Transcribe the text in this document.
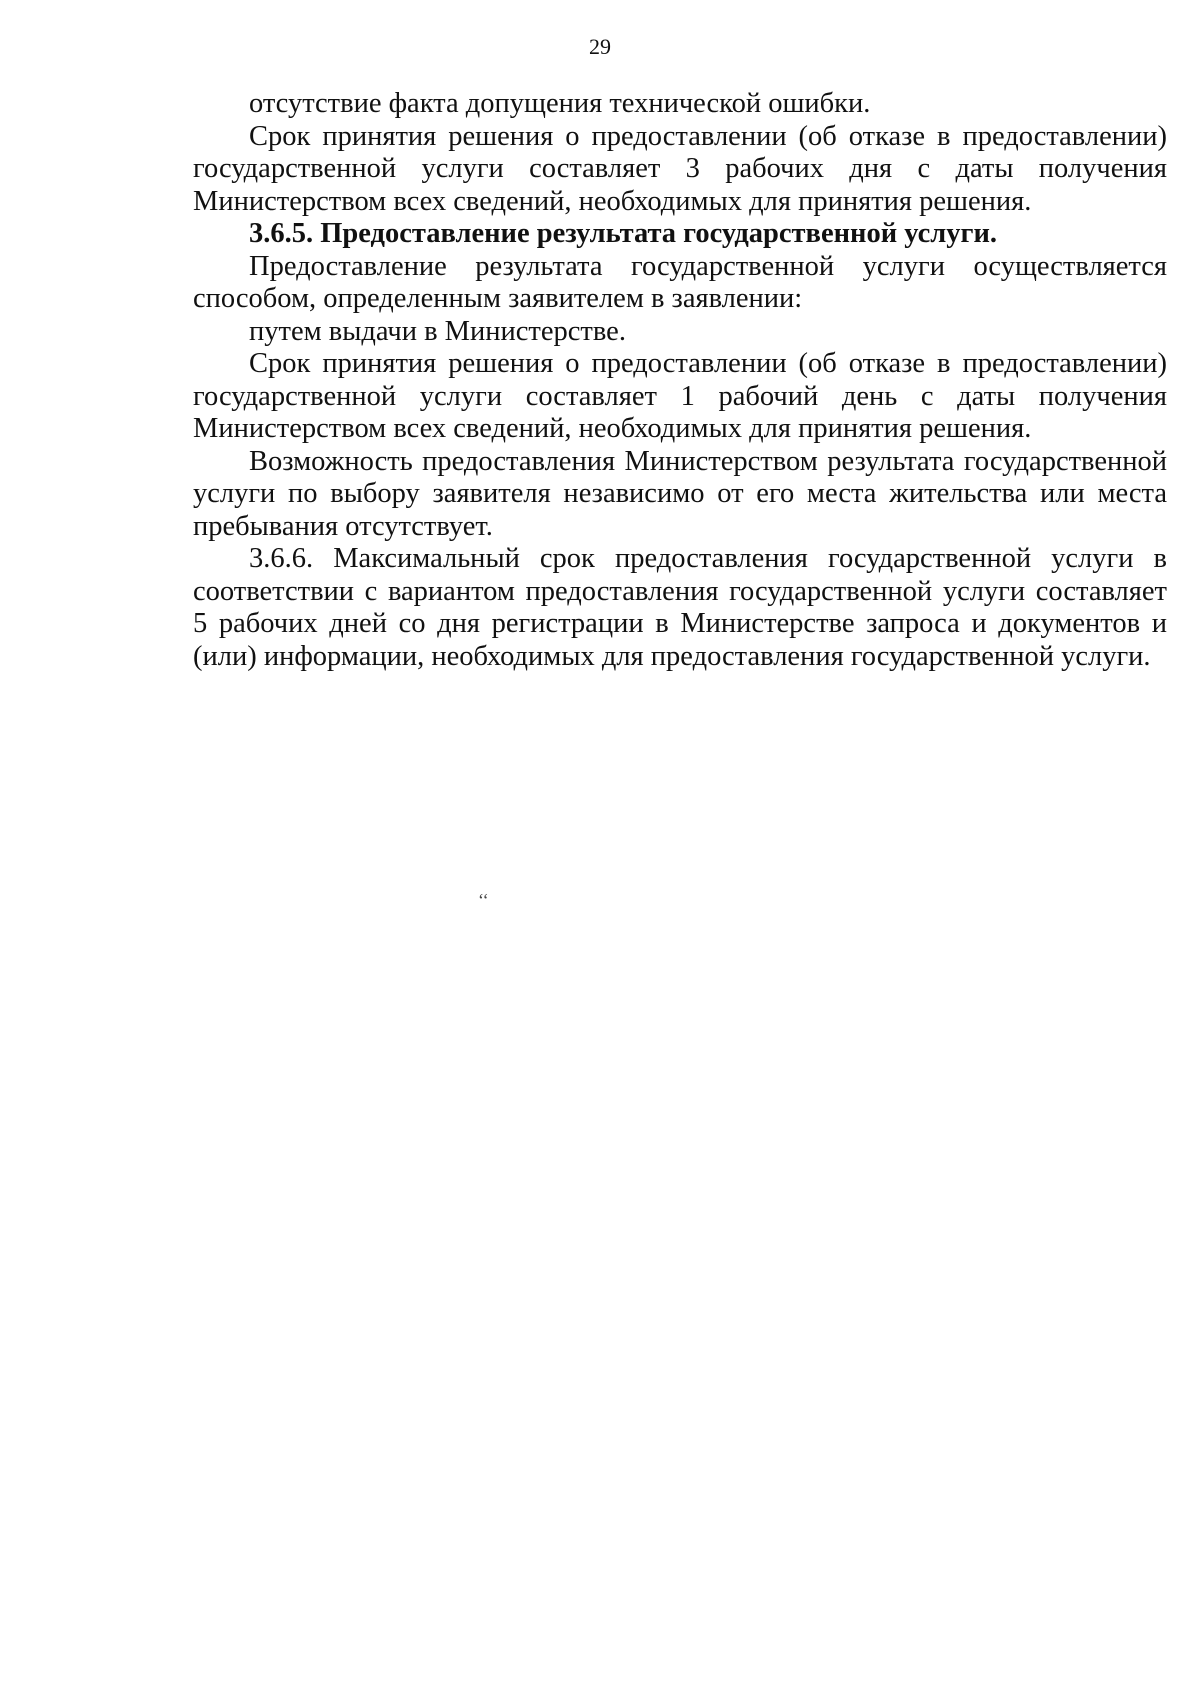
29

отсутствие факта допущения технической ошибки.

Срок принятия решения о предоставлении (об отказе в предоставлении) государственной услуги составляет 3 рабочих дня с даты получения Министерством всех сведений, необходимых для принятия решения.

3.6.5. Предоставление результата государственной услуги.

Предоставление результата государственной услуги осуществляется способом, определенным заявителем в заявлении:

путем выдачи в Министерстве.

Срок принятия решения о предоставлении (об отказе в предоставлении) государственной услуги составляет 1 рабочий день с даты получения Министерством всех сведений, необходимых для принятия решения.

Возможность предоставления Министерством результата государственной услуги по выбору заявителя независимо от его места жительства или места пребывания отсутствует.

3.6.6. Максимальный срок предоставления государственной услуги в соответствии с вариантом предоставления государственной услуги составляет 5 рабочих дней со дня регистрации в Министерстве запроса и документов и (или) информации, необходимых для предоставления государственной услуги.

‘‘
